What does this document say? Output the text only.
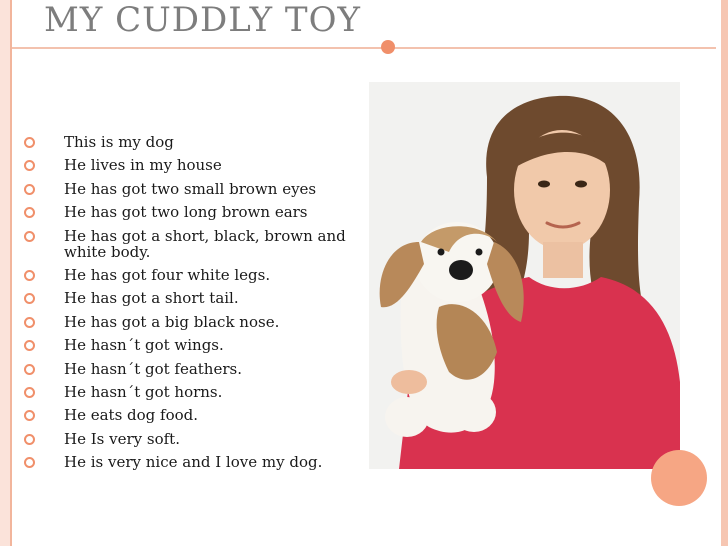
MY CUDDLY TOY
This is my dog
He lives in my house
He has got two small brown eyes
He has got two long brown ears
He has got a short, black, brown and white body.
He has got four white legs.
He has got a short tail.
He has got a big black nose.
He hasn´t got wings.
He hasn´t got feathers.
He hasn´t got horns.
He eats dog food.
He Is very soft.
He is very nice and I love my dog.
